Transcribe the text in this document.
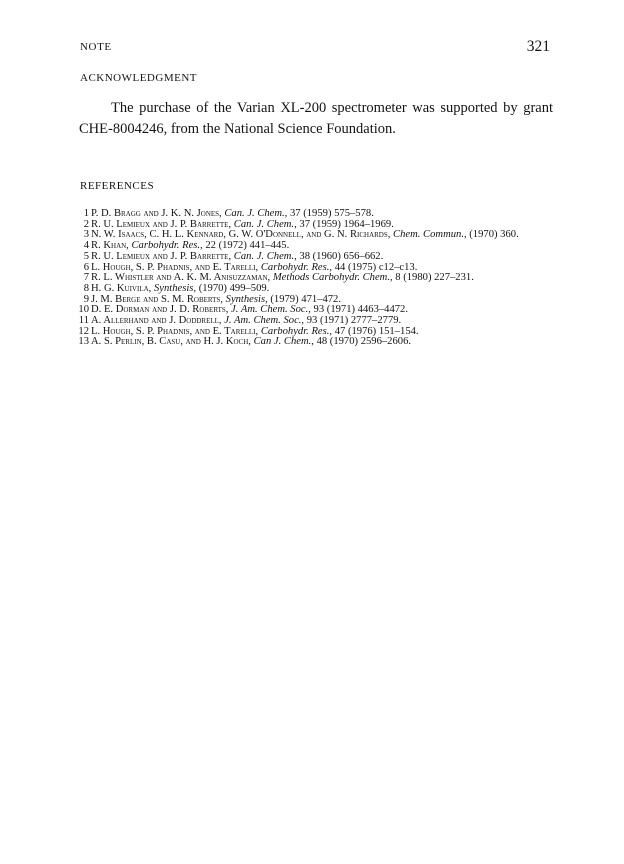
NOTE	321
ACKNOWLEDGMENT
The purchase of the Varian XL-200 spectrometer was supported by grant
CHE-8004246, from the National Science Foundation.
REFERENCES
1 P. D. Bragg and J. K. N. Jones, Can. J. Chem., 37 (1959) 575–578.
2 R. U. Lemieux and J. P. Barrette, Can. J. Chem., 37 (1959) 1964–1969.
3 N. W. Isaacs, C. H. L. Kennard, G. W. O'Donnell, and G. N. Richards, Chem. Commun., (1970) 360.
4 R. Khan, Carbohydr. Res., 22 (1972) 441–445.
5 R. U. Lemieux and J. P. Barrette, Can. J. Chem., 38 (1960) 656–662.
6 L. Hough, S. P. Phadnis, and E. Tarelli, Carbohydr. Res., 44 (1975) c12–c13.
7 R. L. Whistler and A. K. M. Anisuzzaman, Methods Carbohydr. Chem., 8 (1980) 227–231.
8 H. G. Kuivila, Synthesis, (1970) 499–509.
9 J. M. Berge and S. M. Roberts, Synthesis, (1979) 471–472.
10 D. E. Dorman and J. D. Roberts, J. Am. Chem. Soc., 93 (1971) 4463–4472.
11 A. Allerhand and J. Doddrell, J. Am. Chem. Soc., 93 (1971) 2777–2779.
12 L. Hough, S. P. Phadnis, and E. Tarelli, Carbohydr. Res., 47 (1976) 151–154.
13 A. S. Perlin, B. Casu, and H. J. Koch, Can J. Chem., 48 (1970) 2596–2606.
